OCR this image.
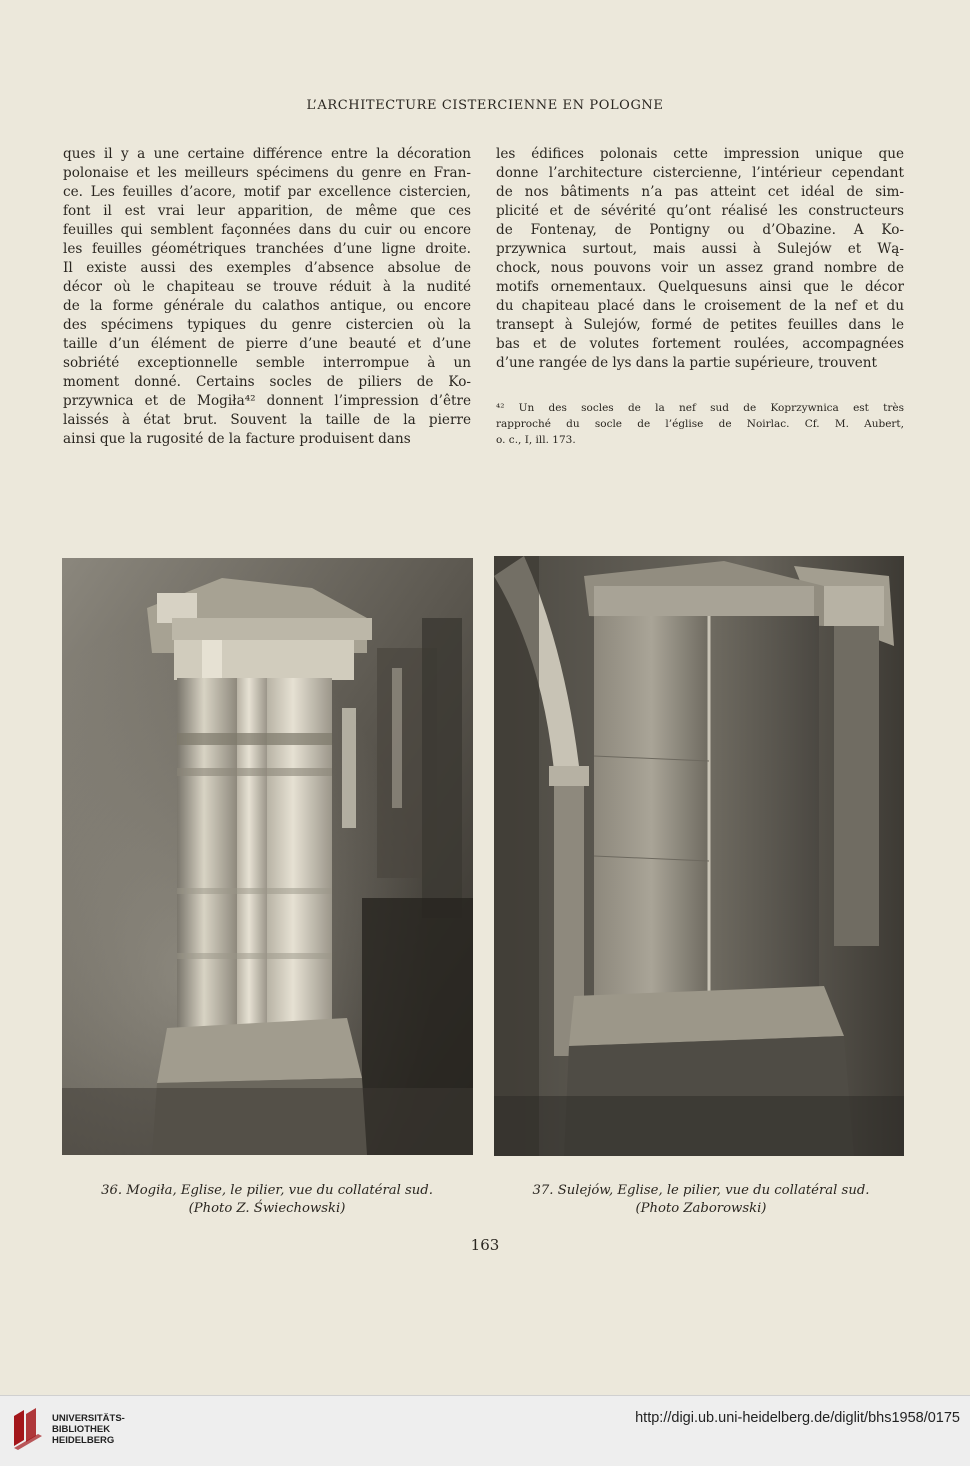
L’ARCHITECTURE CISTERCIENNE EN POLOGNE
ques il y a une certaine différence entre la décoration
polonaise et les meilleurs spécimens du genre en Fran-
ce. Les feuilles d’acore, motif par excellence cistercien,
font il est vrai leur apparition, de même que ces
feuilles qui semblent façonnées dans du cuir ou encore
les feuilles géométriques tranchées d’une ligne droite.
Il existe aussi des exemples d’absence absolue de
décor où le chapiteau se trouve réduit à la nudité
de la forme générale du calathos antique, ou encore
des spécimens typiques du genre cistercien où la
taille d’un élément de pierre d’une beauté et d’une
sobriété exceptionnelle semble interrompue à un
moment donné. Certains socles de piliers de Ko-
przywnica et de Mogiła⁴² donnent l’impression d’être
laissés à état brut. Souvent la taille de la pierre
ainsi que la rugosité de la facture produisent dans
les édifices polonais cette impression unique que
donne l’architecture cistercienne, l’intérieur cependant
de nos bâtiments n’a pas atteint cet idéal de sim-
plicité et de sévérité qu’ont réalisé les constructeurs
de Fontenay, de Pontigny ou d’Obazine. A Ko-
przywnica surtout, mais aussi à Sulejów et Wą-
chock, nous pouvons voir un assez grand nombre de
motifs ornementaux. Quelquesuns ainsi que le décor
du chapiteau placé dans le croisement de la nef et du
transept à Sulejów, formé de petites feuilles dans le
bas et de volutes fortement roulées, accompagnées
d’une rangée de lys dans la partie supérieure, trouvent
⁴² Un des socles de la nef sud de Koprzywnica est très
rapproché du socle de l’église de Noirlac. Cf. M. Aubert,
o. c., I, ill. 173.
36. Mogiła, Eglise, le pilier, vue du collatéral sud.
(Photo Z. Świechowski)
37. Sulejów, Eglise, le pilier, vue du collatéral sud.
(Photo Zaborowski)
163
UNIVERSITÄTS-
BIBLIOTHEK
HEIDELBERG
http://digi.ub.uni-heidelberg.de/diglit/bhs1958/0175
